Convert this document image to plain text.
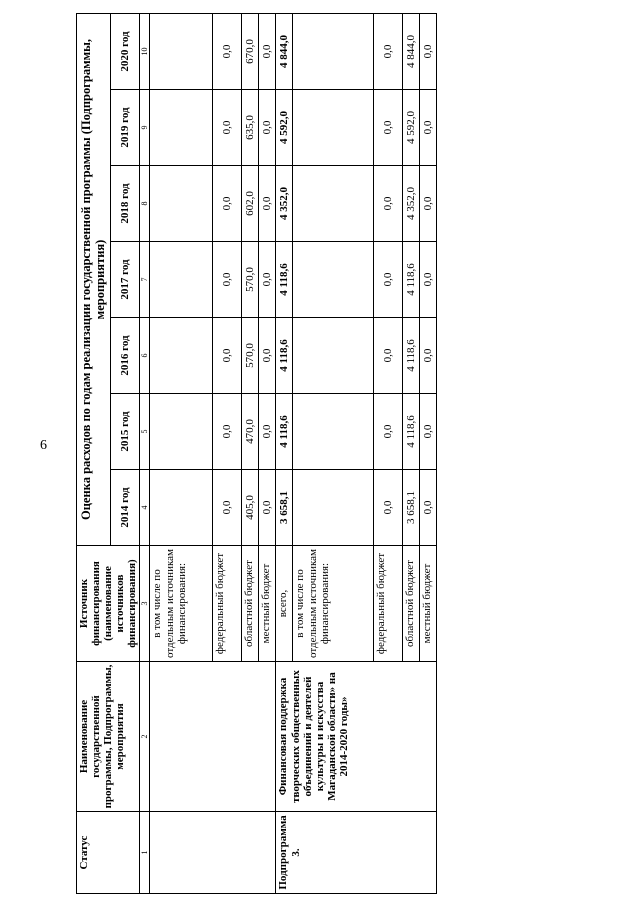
6
Статус	Наименование государственной программы, Подпрограммы, мероприятия	Источник финансирования (наименование источников финансирования)	Оценка расходов по годам реализации государственной программы (Подпрограммы, мероприятия)						
			2014 год	2015 год	2016 год	2017 год	2018 год	2019 год	2020 год
1	2	3	4	5	6	7	8	9	10
		в том числе по отдельным источникам финансирования:							
		федеральный бюджет	0,0	0,0	0,0	0,0	0,0	0,0	0,0
		областной бюджет	405,0	470,0	570,0	570,0	602,0	635,0	670,0
		местный бюджет	0,0	0,0	0,0	0,0	0,0	0,0	0,0
Подпрограмма 3.	Финансовая поддержка творческих общественных объединений и деятелей культуры и искусства Магаданской области» на 2014-2020 годы»	всего,	3 658,1	4 118,6	4 118,6	4 118,6	4 352,0	4 592,0	4 844,0
		в том числе по отдельным источникам финансирования:							
		федеральный бюджет	0,0	0,0	0,0	0,0	0,0	0,0	0,0
		областной бюджет	3 658,1	4 118,6	4 118,6	4 118,6	4 352,0	4 592,0	4 844,0
		местный бюджет	0,0	0,0	0,0	0,0	0,0	0,0	0,0
